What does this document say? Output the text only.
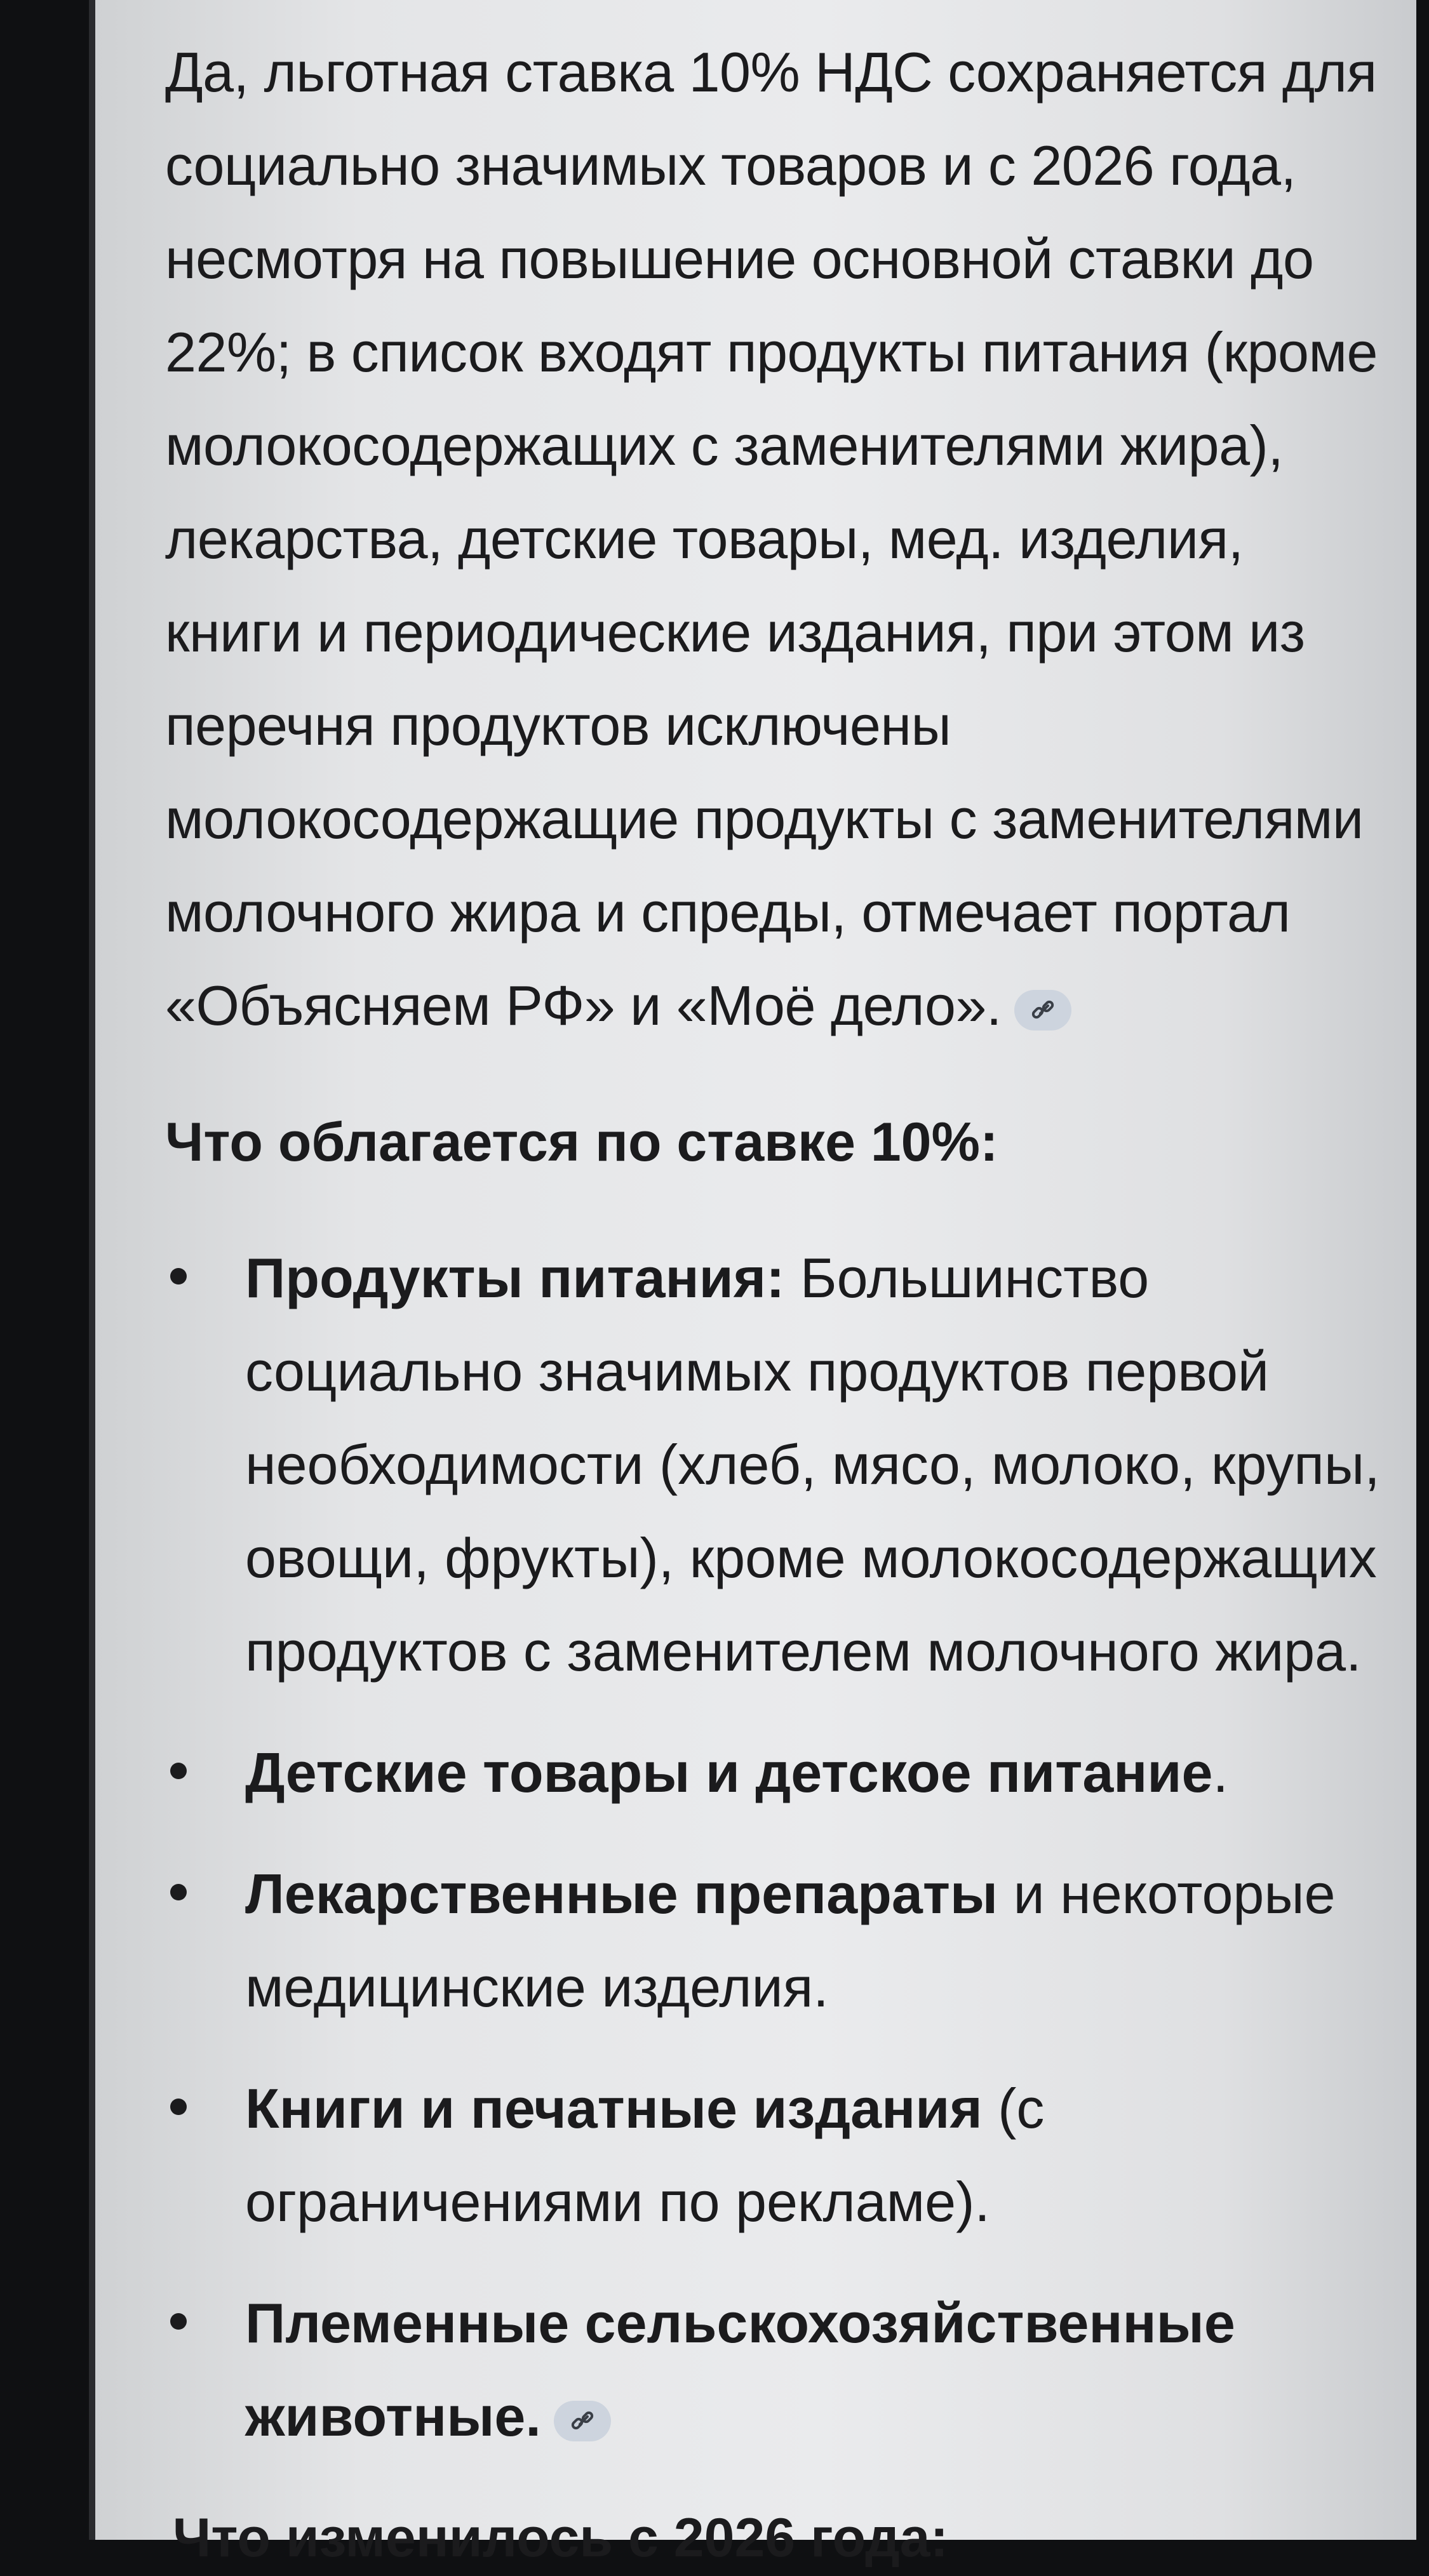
Да, льготная ставка 10% НДС сохраняется для социально значимых товаров и с 2026 года, несмотря на повышение основной ставки до 22%; в список входят продукты питания (кроме молокосодержащих с заменителями жира), лекарства, детские товары, мед. изделия, книги и периодические издания, при этом из перечня продуктов исключены молокосодержащие продукты с заменителями молочного жира и спреды, отмечает портал «Объясняем РФ» и «Моё дело».

Что облагается по ставке 10%:
Продукты питания: Большинство социально значимых продуктов первой необходимости (хлеб, мясо, молоко, крупы, овощи, фрукты), кроме молокосодержащих продуктов с заменителем молочного жира.
Детские товары и детское питание.
Лекарственные препараты и некоторые медицинские изделия.
Книги и печатные издания (с ограничениями по рекламе).
Племенные сельскохозяйственные животные.
Что изменилось с 2026 года:
